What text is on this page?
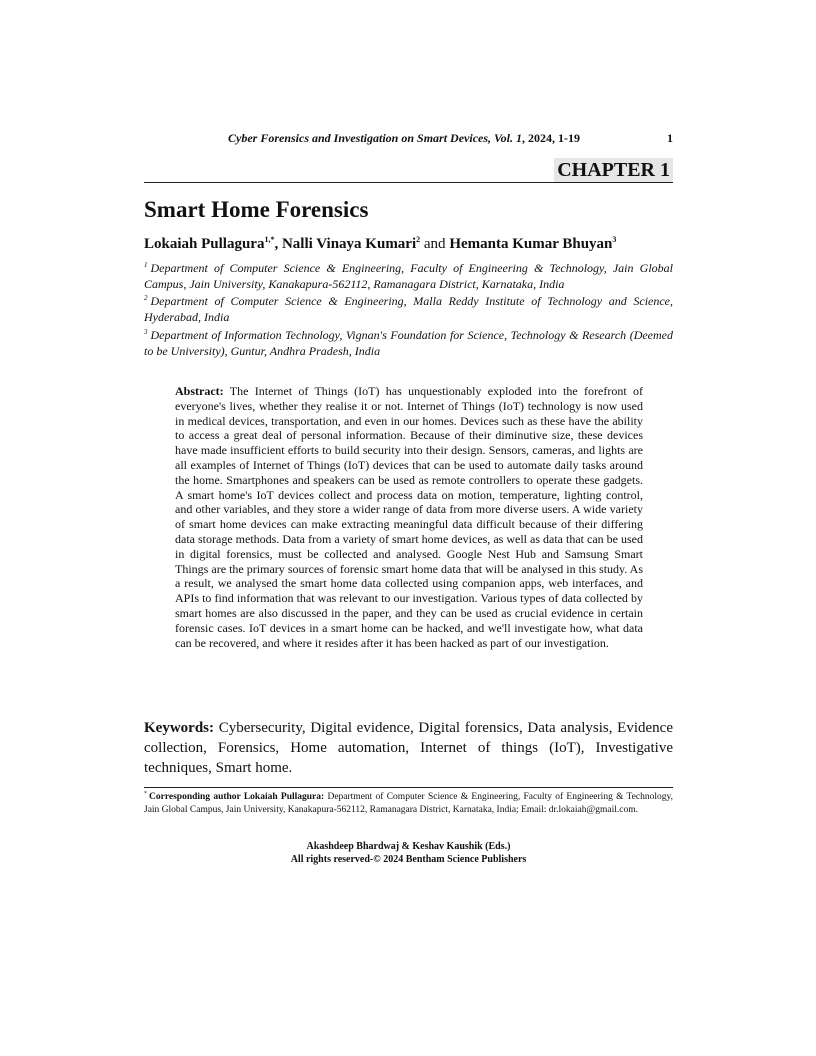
Cyber Forensics and Investigation on Smart Devices, Vol. 1, 2024, 1-19	1
CHAPTER 1
Smart Home Forensics
Lokaiah Pullagura$^{1,*}$, Nalli Vinaya Kumari$^2$ and Hemanta Kumar Bhuyan$^3$
$^1$ Department of Computer Science & Engineering, Faculty of Engineering & Technology, Jain Global Campus, Jain University, Kanakapura-562112, Ramanagara District, Karnataka, India
$^2$ Department of Computer Science & Engineering, Malla Reddy Institute of Technology and Science, Hyderabad, India
$^3$ Department of Information Technology, Vignan's Foundation for Science, Technology & Research (Deemed to be University), Guntur, Andhra Pradesh, India
Abstract: The Internet of Things (IoT) has unquestionably exploded into the forefront of everyone's lives, whether they realise it or not. Internet of Things (IoT) technology is now used in medical devices, transportation, and even in our homes. Devices such as these have the ability to access a great deal of personal information. Because of their diminutive size, these devices have made insufficient efforts to build security into their design. Sensors, cameras, and lights are all examples of Internet of Things (IoT) devices that can be used to automate daily tasks around the home. Smartphones and speakers can be used as remote controllers to operate these gadgets. A smart home's IoT devices collect and process data on motion, temperature, lighting control, and other variables, and they store a wider range of data from more diverse users. A wide variety of smart home devices can make extracting meaningful data difficult because of their differing data storage methods. Data from a variety of smart home devices, as well as data that can be used in digital forensics, must be collected and analysed. Google Nest Hub and Samsung Smart Things are the primary sources of forensic smart home data that will be analysed in this study. As a result, we analysed the smart home data collected using companion apps, web interfaces, and APIs to find information that was relevant to our investigation. Various types of data collected by smart homes are also discussed in the paper, and they can be used as crucial evidence in certain forensic cases. IoT devices in a smart home can be hacked, and we'll investigate how, what data can be recovered, and where it resides after it has been hacked as part of our investigation.
Keywords: Cybersecurity, Digital evidence, Digital forensics, Data analysis, Evidence collection, Forensics, Home automation, Internet of things (IoT), Investigative techniques, Smart home.
* Corresponding author Lokaiah Pullagura: Department of Computer Science & Engineering, Faculty of Engineering & Technology, Jain Global Campus, Jain University, Kanakapura-562112, Ramanagara District, Karnataka, India; Email: dr.lokaiah@gmail.com.
Akashdeep Bhardwaj & Keshav Kaushik (Eds.)
All rights reserved-© 2024 Bentham Science Publishers
